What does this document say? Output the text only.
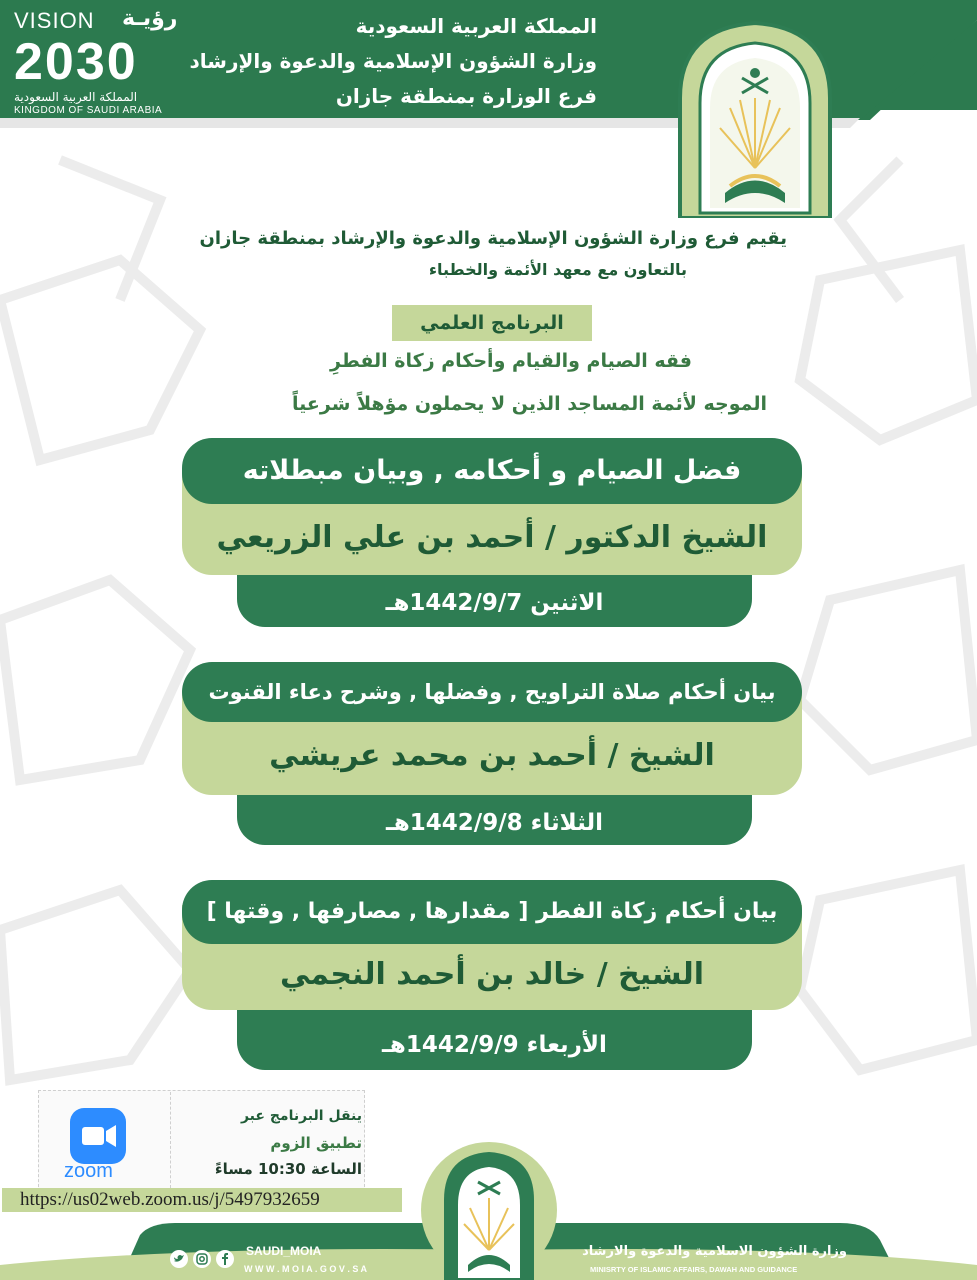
VISION رؤيـة
2030
المملكة العربية السعودية
KINGDOM OF SAUDI ARABIA
المملكة العربية السعودية
وزارة الشؤون الإسلامية والدعوة والإرشاد
فرع الوزارة بمنطقة جازان
يقيم فرع وزارة الشؤون الإسلامية والدعوة والإرشاد بمنطقة جازان
بالتعاون مع معهد الأئمة والخطباء
البرنامج العلمي
فقه الصيام والقيام وأحكام زكاة الفطرِ
الموجه لأئمة المساجد الذين لا يحملون مؤهلاً شرعياً
الشيخ الدكتور / أحمد بن علي الزريعي
فضل الصيام و أحكامه , وبيان مبطلاته
الاثنين 1442/9/7هـ
الشيخ / أحمد بن محمد عريشي
بيان أحكام صلاة التراويح , وفضلها , وشرح دعاء القنوت
الثلاثاء 1442/9/8هـ
الشيخ / خالد بن أحمد النجمي
بيان أحكام زكاة الفطر [ مقدارها , مصارفها , وقتها ]
الأربعاء 1442/9/9هـ
zoom
ينقل البرنامج عبر
تطبيق الزوم
الساعة 10:30 مساءً
https://us02web.zoom.us/j/5497932659
SAUDI_MOIA
W W W . M O I A . G O V . S A
وزارة الشؤون الاسلامية والدعوة والارشاد
MINISRTY OF ISLAMIC AFFAIRS, DAWAH AND GUIDANCE
